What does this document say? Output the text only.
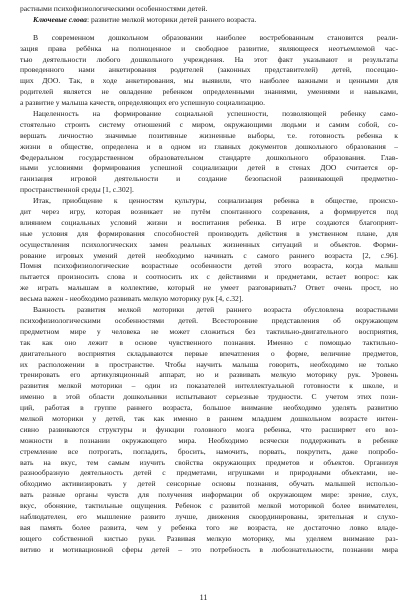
растными психофизиологическими особенностями детей.
Ключевые слова: развитие мелкой моторики детей раннего возраста.
В современном дошкольном образовании наиболее востребованным становится реали-
зация права ребёнка на полноценное и свободное развитие, являющееся неотъемлемой час-
тью деятельности любого дошкольного учреждения. На этот факт указывают и результаты
проведенного нами анкетирования родителей (законных представителей) детей, посещаю-
щих ДОО. Так, в ходе анкетирования, мы выявили, что наиболее важными и ценными для
родителей является не овладение ребенком определенными знаниями, умениями и навыками,
а развитие у малыша качеств, определяющих его успешную социализацию.
Нацеленность на формирование социальной успешности, позволяющей ребенку само-
стоятельно строить систему отношений с миром, окружающими людьми и самим собой, со-
вершать личностно значимые позитивные жизненные выборы, т.е. готовность ребенка к
жизни в обществе, определена и в одном из главных документов дошкольного образования –
Федеральном государственном образовательном стандарте дошкольного образования. Глав-
ными условиями формирования успешной социализации детей в стенах ДОО считается ор-
ганизация игровой деятельности и создание безопасной развивающей предметно-
пространственной среды [1, с.302].
Итак, приобщение к ценностям культуры, социализация ребенка в обществе, происхо-
дит через игру, которая возникает не путём спонтанного созревания, а формируется под
влиянием социальных условий жизни и воспитания ребенка. В игре создаются благоприят-
ные условия для формирования способностей производить действия в умственном плане, для
осуществления психологических замен реальных жизненных ситуаций и объектов. Форми-
рование игровых умений детей необходимо начинать с самого раннего возраста [2, с.96].
Помня психофизиологические возрастные особенности детей этого возраста, когда малыш
пытается произносить слова и соотносить их с действиями и предметами, встает вопрос: как
же играть малышам в коллективе, который не умеет разговаривать? Ответ очень прост, но
весьма важен - необходимо развивать мелкую моторику рук [4, с.32].
Важность развития мелкой моторики детей раннего возраста обусловлена возрастными
психофизиологическими особенностями детей. Всесторонние представления об окружающем
предметном мире у человека не может сложиться без тактильно-двигательного восприятия,
так как оно лежит в основе чувственного познания. Именно с помощью тактильно-
двигательного восприятия складываются первые впечатления о форме, величине предметов,
их расположении в пространстве. Чтобы научить малыша говорить, необходимо не только
тренировать его артикуляционный аппарат, но и развивать мелкую моторику рук. Уровень
развития мелкой моторики – один из показателей интеллектуальной готовности к школе, и
именно в этой области дошкольники испытывают серьезные трудности. С учетом этих пози-
ций, работая в группе раннего возраста, большое внимание необходимо уделять развитию
мелкой моторики у детей, так как именно в раннем младшем дошкольном возрасте интен-
сивно развиваются структуры и функции головного мозга ребенка, что расширяет его воз-
можности в познании окружающего мира. Необходимо всячески поддерживать в ребенке
стремление все потрогать, погладить, бросить, намочить, порвать, покрутить, даже попробо-
вать на вкус, тем самым изучить свойства окружающих предметов и объектов. Организуя
разнообразную деятельность детей с предметами, игрушками и природными объектами, не-
обходимо активизировать у детей сенсорные основы познания, обучать малышей использо-
вать разные органы чувств для получения информации об окружающем мире: зрение, слух,
вкус, обоняние, тактильные ощущения. Ребенок с развитой мелкой моторикой более внимателен,
наблюдателен, его мышление развито лучше, движения скоординированы, зрительная и слухо-
вая память более развита, чем у ребенка того же возраста, не достаточно ловко владе-
ющего собственной кистью руки. Развивая мелкую моторику, мы уделяем внимание раз-
витию и мотивационной сферы детей – это потребность в любознательности, познании мира
11
